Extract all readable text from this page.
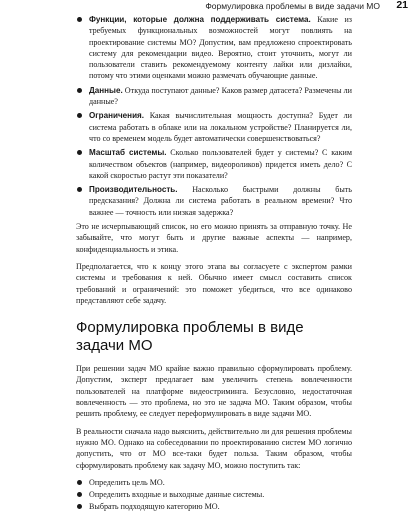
Формулировка проблемы в виде задачи МО 21
Функции, которые должна поддерживать система. Какие из требуемых функциональных возможностей могут повлиять на проектирование системы МО? Допустим, вам предложено спроектировать систему для рекомендации видео. Вероятно, стоит уточнить, могут ли пользователи ставить рекомендуемому контенту лайки или дизлайки, потому что этими оценками можно размечать обучающие данные.
Данные. Откуда поступают данные? Каков размер датасета? Размечены ли данные?
Ограничения. Какая вычислительная мощность доступна? Будет ли система работать в облаке или на локальном устройстве? Планируется ли, что со временем модель будет автоматически совершенствоваться?
Масштаб системы. Сколько пользователей будет у системы? С каким количеством объектов (например, видеороликов) придется иметь дело? С какой скоростью растут эти показатели?
Производительность. Насколько быстрыми должны быть предсказания? Должна ли система работать в реальном времени? Что важнее — точность или низкая задержка?

Это не исчерпывающий список, но его можно принять за отправную точку. Не забывайте, что могут быть и другие важные аспекты — например, конфиденциальность и этика.

Предполагается, что к концу этого этапа вы согласуете с экспертом рамки системы и требования к ней. Обычно имеет смысл составить список требований и ограничений: это поможет убедиться, что все одинаково представляют себе задачу.

Формулировка проблемы в виде задачи МО

При решении задач МО крайне важно правильно сформулировать проблему. Допустим, эксперт предлагает вам увеличить степень вовлеченности пользователей на платформе видеостриминга. Безусловно, недостаточная вовлеченность — это проблема, но это не задача МО. Таким образом, чтобы решить проблему, ее следует переформулировать в виде задачи МО.

В реальности сначала надо выяснить, действительно ли для решения проблемы нужно МО. Однако на собеседовании по проектированию систем МО логично допустить, что от МО все-таки будет польза. Таким образом, чтобы сформулировать проблему как задачу МО, можно поступить так:

Определить цель МО.
Определить входные и выходные данные системы.
Выбрать подходящую категорию МО.
